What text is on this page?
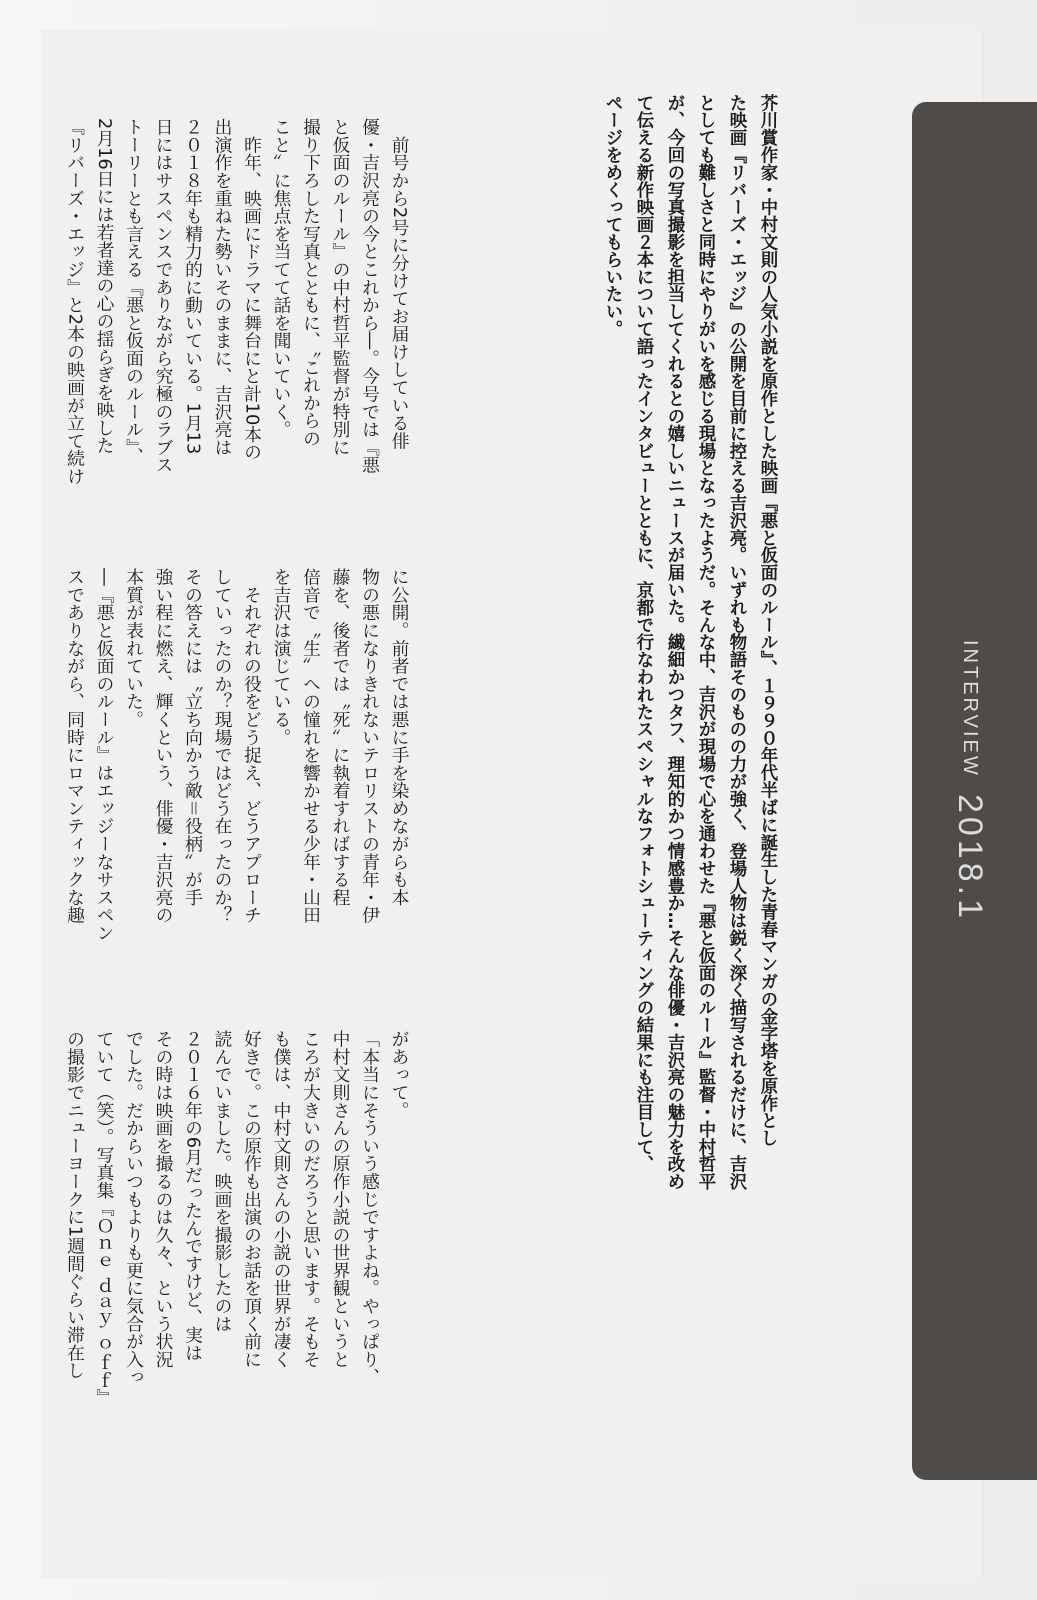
INTERVIEW 2018.1

芥川賞作家・中村文則の人気小説を原作とした映画『悪と仮面のルール』、１９９０年代半ばに誕生した青春マンガの金字塔を原作とし

た映画『リバーズ・エッジ』の公開を目前に控える吉沢亮。いずれも物語そのものの力が強く、登場人物は鋭く深く描写されるだけに、吉沢

としても難しさと同時にやりがいを感じる現場となったようだ。そんな中、吉沢が現場で心を通わせた『悪と仮面のルール』監督・中村哲平

が、今回の写真撮影を担当してくれるとの嬉しいニュースが届いた。繊細かつタフ、理知的かつ情感豊か…そんな俳優・吉沢亮の魅力を改め

て伝える新作映画２本について語ったインタビューとともに、京都で行なわれたスペシャルなフォトシューティングの結果にも注目して、

ページをめくってもらいたい。

　前号から2号に分けてお届けしている俳

優・吉沢亮の今とこれから―。今号では『悪

と仮面のルール』の中村哲平監督が特別に

撮り下ろした写真とともに、〝これからの

こと〟に焦点を当てて話を聞いていく。

　昨年、映画にドラマに舞台にと計10本の

出演作を重ねた勢いそのままに、吉沢亮は

２０１８年も精力的に動いている。1月13

日にはサスペンスでありながら究極のラブス

トーリーとも言える『悪と仮面のルール』、

2月16日には若者達の心の揺らぎを映した

『リバーズ・エッジ』と2本の映画が立て続け

に公開。前者では悪に手を染めながらも本

物の悪になりきれないテロリストの青年・伊

藤を、後者では〝死〟に執着すればする程

倍音で〝生〟への憧れを響かせる少年・山田

を吉沢は演じている。

　それぞれの役をどう捉え、どうアプローチ

していったのか？現場ではどう在ったのか？

その答えには〝立ち向かう敵＝役柄〟が手

強い程に燃え、輝くという、俳優・吉沢亮の

本質が表れていた。

―『悪と仮面のルール』はエッジーなサスペン

スでありながら、同時にロマンティックな趣

があって。

「本当にそういう感じですよね。やっぱり、

中村文則さんの原作小説の世界観というと

ころが大きいのだろうと思います。そもそ

も僕は、中村文則さんの小説の世界が凄く

好きで。この原作も出演のお話を頂く前に

読んでいました。映画を撮影したのは

２０１６年の6月だったんですけど、実は

その時は映画を撮るのは久々、という状況

でした。だからいつもよりも更に気合が入っ

ていて（笑）。写真集『Ｏｎｅ ｄａｙ ｏｆｆ』

の撮影でニューヨークに1週間ぐらい滞在し
